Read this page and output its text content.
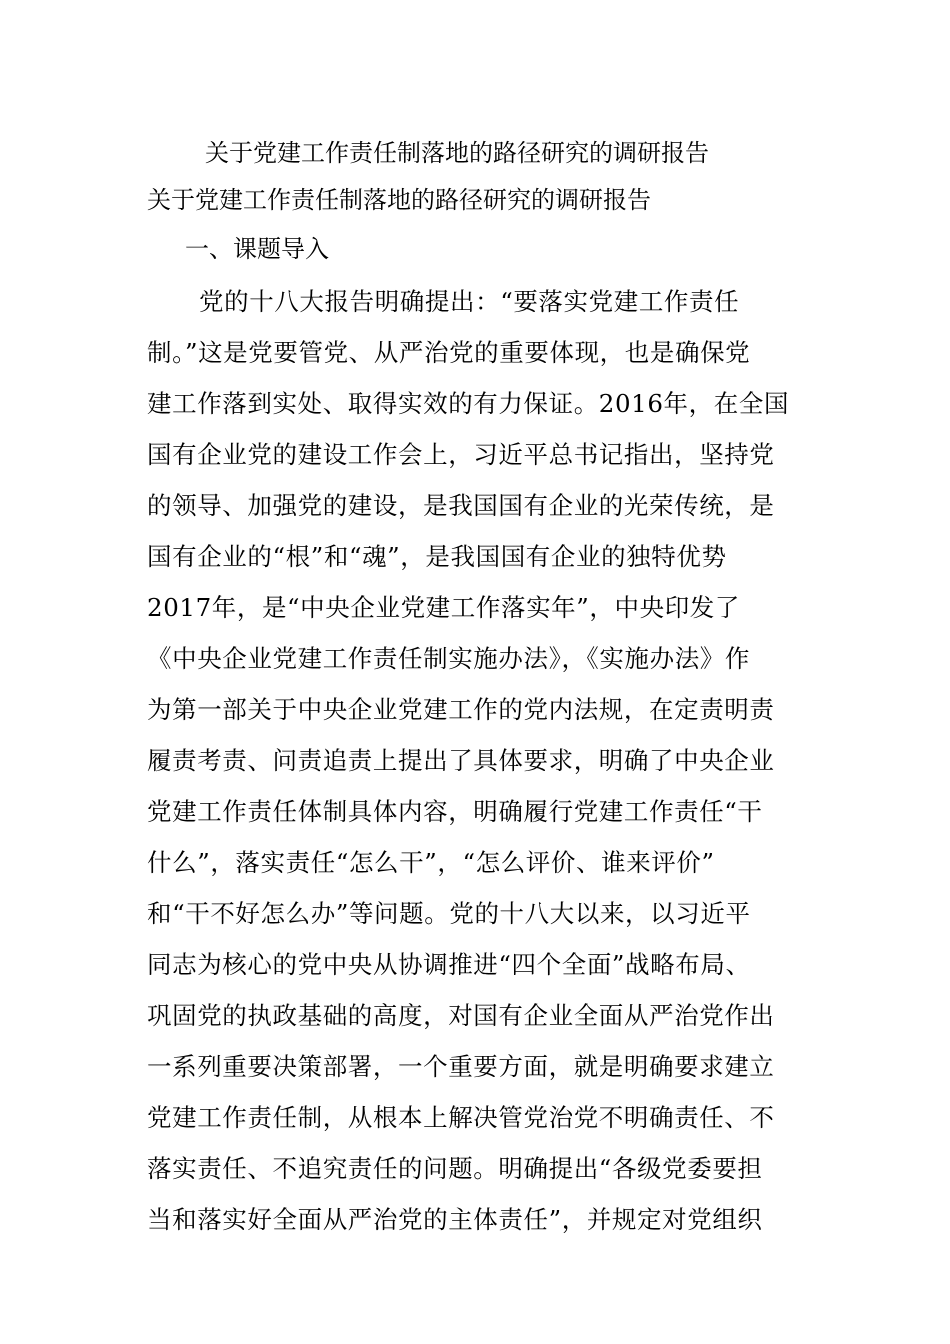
关于党建工作责任制落地的路径研究的调研报告
关于党建工作责任制落地的路径研究的调研报告
一、课题导入
党的十八大报告明确提出：“要落实党建工作责任
制。”这是党要管党、从严治党的重要体现，也是确保党
建工作落到实处、取得实效的有力保证。2016年，在全国
国有企业党的建设工作会上，习近平总书记指出，坚持党
的领导、加强党的建设，是我国国有企业的光荣传统，是
国有企业的“根”和“魂”，是我国国有企业的独特优势
2017年，是“中央企业党建工作落实年”，中央印发了
《中央企业党建工作责任制实施办法》，《实施办法》作
为第一部关于中央企业党建工作的党内法规，在定责明责
履责考责、问责追责上提出了具体要求，明确了中央企业
党建工作责任体制具体内容，明确履行党建工作责任“干
什么”，落实责任“怎么干”，“怎么评价、谁来评价”
和“干不好怎么办”等问题。党的十八大以来，以习近平
同志为核心的党中央从协调推进“四个全面”战略布局、
巩固党的执政基础的高度，对国有企业全面从严治党作出
一系列重要决策部署，一个重要方面，就是明确要求建立
党建工作责任制，从根本上解决管党治党不明确责任、不
落实责任、不追究责任的问题。明确提出“各级党委要担
当和落实好全面从严治党的主体责任”，并规定对党组织
